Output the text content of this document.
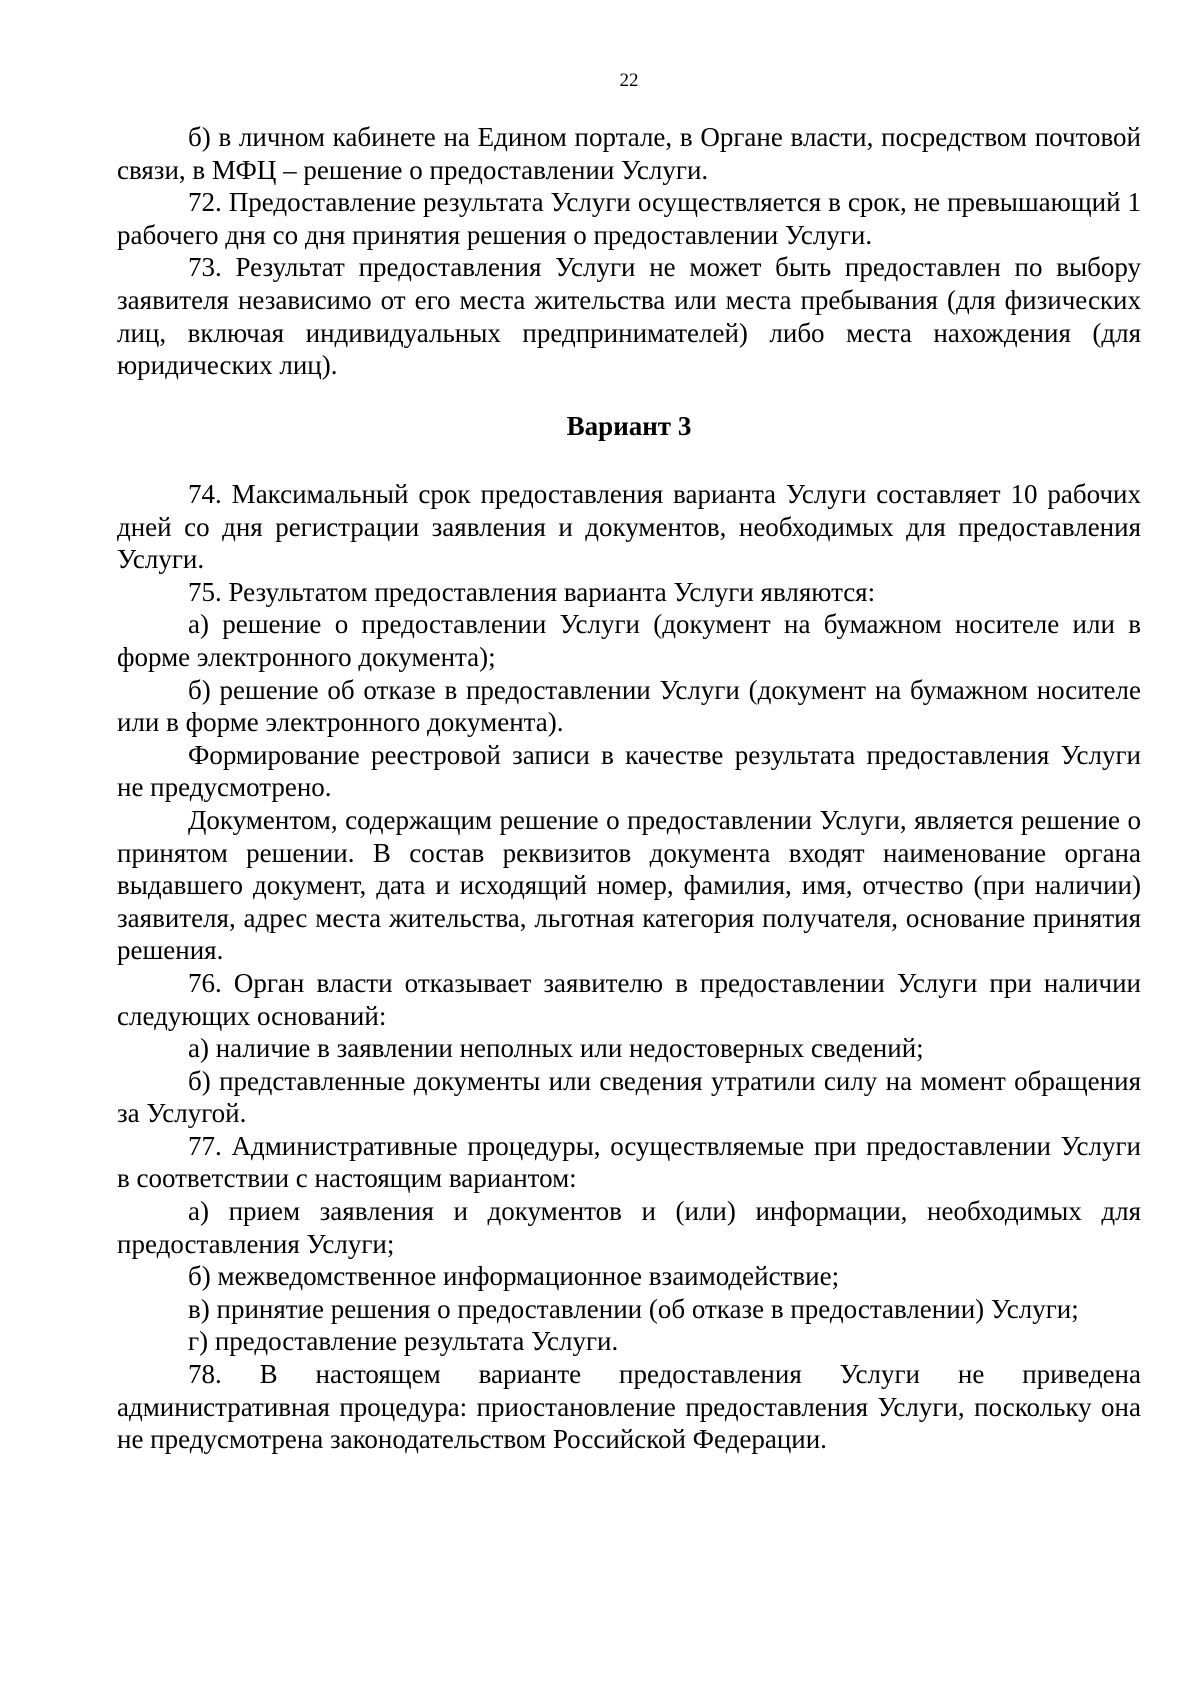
22

б) в личном кабинете на Едином портале, в Органе власти, посредством почтовой связи, в МФЦ – решение о предоставлении Услуги.

72. Предоставление результата Услуги осуществляется в срок, не превышающий 1 рабочего дня со дня принятия решения о предоставлении Услуги.

73. Результат предоставления Услуги не может быть предоставлен по выбору заявителя независимо от его места жительства или места пребывания (для физических лиц, включая индивидуальных предпринимателей) либо места нахождения (для юридических лиц).

Вариант 3

74. Максимальный срок предоставления варианта Услуги составляет 10 рабочих дней со дня регистрации заявления и документов, необходимых для предоставления Услуги.

75. Результатом предоставления варианта Услуги являются:

а) решение о предоставлении Услуги (документ на бумажном носителе или в форме электронного документа);

б) решение об отказе в предоставлении Услуги (документ на бумажном носителе или в форме электронного документа).

Формирование реестровой записи в качестве результата предоставления Услуги не предусмотрено.

Документом, содержащим решение о предоставлении Услуги, является решение о принятом решении. В состав реквизитов документа входят наименование органа выдавшего документ, дата и исходящий номер, фамилия, имя, отчество (при наличии) заявителя, адрес места жительства, льготная категория получателя, основание принятия решения.

76. Орган власти отказывает заявителю в предоставлении Услуги при наличии следующих оснований:

а) наличие в заявлении неполных или недостоверных сведений;

б) представленные документы или сведения утратили силу на момент обращения за Услугой.

77. Административные процедуры, осуществляемые при предоставлении Услуги в соответствии с настоящим вариантом:

а) прием заявления и документов и (или) информации, необходимых для предоставления Услуги;

б) межведомственное информационное взаимодействие;

в) принятие решения о предоставлении (об отказе в предоставлении) Услуги;

г) предоставление результата Услуги.

78. В настоящем варианте предоставления Услуги не приведена административная процедура: приостановление предоставления Услуги, поскольку она не предусмотрена законодательством Российской Федерации.
